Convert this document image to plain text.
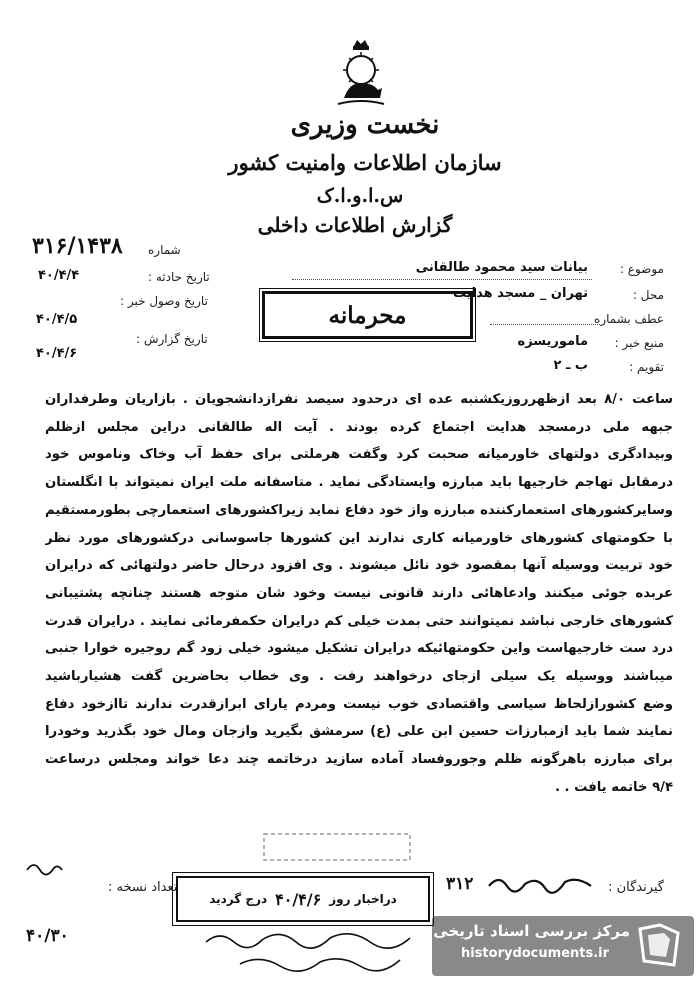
نخست وزیری
سازمان اطلاعات وامنیت کشور
س.ا.و.ا.ک
گزارش اطلاعات داخلی
شماره
۳۱۶/۱۴۳۸
تاریخ حادثه :
۴۰/۴/۴
تاریخ وصول خبر :
۴۰/۴/۵
تاریخ گزارش :
۴۰/۴/۶
موضوع :
بیانات سید محمود طالقانی
محل :
تهران _ مسجد هدایت
عطف بشماره
منبع خبر :
ماموریسزه
تقویم :
ب ـ ۲
محرمانه

ساعت ۸/۰ بعد ازظهرروزیکشنبه عده ای درحدود سیصد نفرازدانشجویان . بازاریان وطرفداران

جبهه ملی درمسجد هدایت اجتماع کرده بودند . آیت اله طالقانی دراین مجلس ازظلم

وبیدادگری دولتهای خاورمیانه صحبت کرد وگفت هرملتی برای حفظ آب وخاک وناموس خود

درمقابل تهاجم خارجیها باید مبارزه وایستادگی نماید . متاسفانه ملت ایران نمیتواند با انگلستان

وسایرکشورهای استعمارکننده مبارزه واز خود دفاع نماید زیراکشورهای استعمارچی بطورمستقیم

با حکومتهای کشورهای خاورمیانه کاری ندارند این کشورها جاسوسانی درکشورهای مورد نظر

خود تربیت ووسیله آنها بمقصود خود نائل میشوند . وی افزود درحال حاضر دولتهائی که درایران

عربده جوئی میکنند وادعاهائی دارند قانونی نیست وخود شان متوجه هستند چنانچه پشتیبانی

کشورهای خارجی نباشد نمیتوانند حتی بمدت خیلی کم درایران حکمفرمائی نمایند . درایران قدرت

درد ست خارجیهاست واین حکومتهائیکه درایران تشکیل میشود خیلی زود گم روجیره خوارا جنبی

میباشند ووسیله یک سیلی ازجای درخواهند رفت . وی خطاب بحاضرین گفت هشیارباشید

وضع کشورازلحاظ سیاسی واقتصادی خوب نیست ومردم یارای ابرازقدرت ندارند تاازخود دفاع

نمایند شما باید ازمبارزات حسین ابن علی (ع) سرمشق بگیرید وازجان ومال خود بگذرید وخودرا

برای مبارزه باهرگونه ظلم وجوروفساد آماده سازید درخاتمه چند دعا خواند ومجلس درساعت

۹/۴ خاتمه یافت . .

گیرندگان :
۳۱۲
تعداد نسخه :
دراخبار روز
۴۰/۴/۶
درج گردید
۴۰/۳۰	مرکز بررسی اسناد تاریخی
historydocuments.ir
